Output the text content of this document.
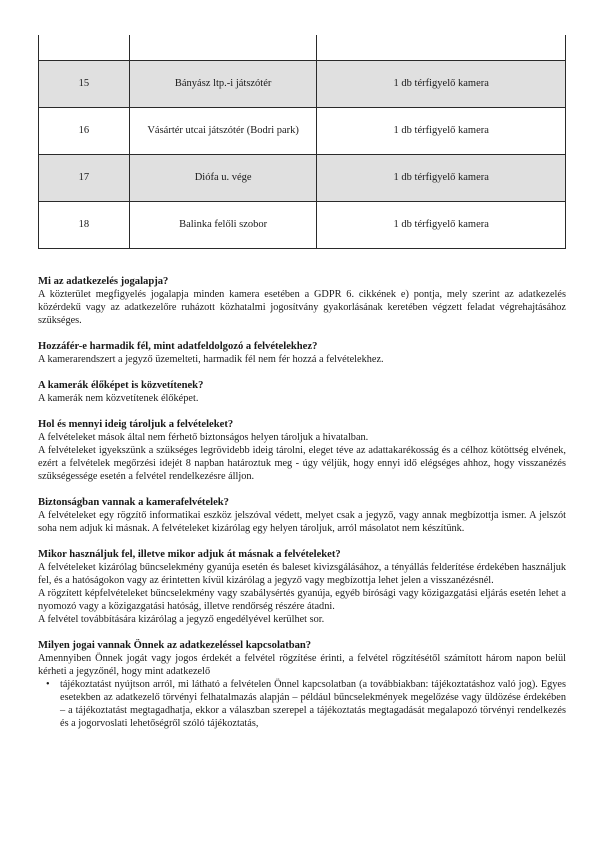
15	Bányász ltp.-i játszótér	1 db térfigyelő kamera
16	Vásártér utcai játszótér (Bodri park)	1 db térfigyelő kamera
17	Diófa u. vége	1 db térfigyelő kamera
18	Balinka felőli szobor	1 db térfigyelő kamera

Mi az adatkezelés jogalapja?

A közterület megfigyelés jogalapja minden kamera esetében a GDPR 6. cikkének e) pontja, mely szerint az adatkezelés közérdekű vagy az adatkezelőre ruházott közhatalmi jogosítvány gyakorlásának keretében végzett feladat végrehajtásához szükséges.

Hozzáfér-e harmadik fél, mint adatfeldolgozó a felvételekhez?

A kamerarendszert a jegyző üzemelteti, harmadik fél nem fér hozzá a felvételekhez.

A kamerák élőképet is közvetítenek?

A kamerák nem közvetítenek élőképet.

Hol és mennyi ideig tároljuk a felvételeket?

A felvételeket mások által nem férhető biztonságos helyen tároljuk a hivatalban.

A felvételeket igyekszünk a szükséges legrövidebb ideig tárolni, eleget téve az adattakarékosság és a célhoz kötöttség elvének, ezért a felvételek megőrzési idejét 8 napban határoztuk meg - úgy véljük, hogy ennyi idő elégséges ahhoz, hogy visszanézés szükségessége esetén a felvétel rendelkezésre álljon.

Biztonságban vannak a kamerafelvételek?

A felvételeket egy rögzítő informatikai eszköz jelszóval védett, melyet csak a jegyző, vagy annak megbízottja ismer. A jelszót soha nem adjuk ki másnak. A felvételeket kizárólag egy helyen tároljuk, arról másolatot nem készítünk.

Mikor használjuk fel, illetve mikor adjuk át másnak a felvételeket?

A felvételeket kizárólag bűncselekmény gyanúja esetén és baleset kivizsgálásához, a tényállás felderítése érdekében használjuk fel, és a hatóságokon vagy az érintetten kívül kizárólag a jegyző vagy megbízottja lehet jelen a visszanézésnél.

A rögzített képfelvételeket bűncselekmény vagy szabálysértés gyanúja, egyéb bírósági vagy közigazgatási eljárás esetén lehet a nyomozó vagy a közigazgatási hatóság, illetve rendőrség részére átadni.

A felvétel továbbítására kizárólag a jegyző engedélyével kerülhet sor.

Milyen jogai vannak Önnek az adatkezeléssel kapcsolatban?

Amennyiben Önnek jogát vagy jogos érdekét a felvétel rögzítése érinti, a felvétel rögzítésétől számított három napon belül kérheti a jegyzőnél, hogy mint adatkezelő

• tájékoztatást nyújtson arról, mi látható a felvételen Önnel kapcsolatban (a továbbiakban: tájékoztatáshoz való jog). Egyes esetekben az adatkezelő törvényi felhatalmazás alapján – például bűncselekmények megelőzése vagy üldözése érdekében – a tájékoztatást megtagadhatja, ekkor a válaszban szerepel a tájékoztatás megtagadását megalapozó törvényi rendelkezés és a jogorvoslati lehetőségről szóló tájékoztatás,
